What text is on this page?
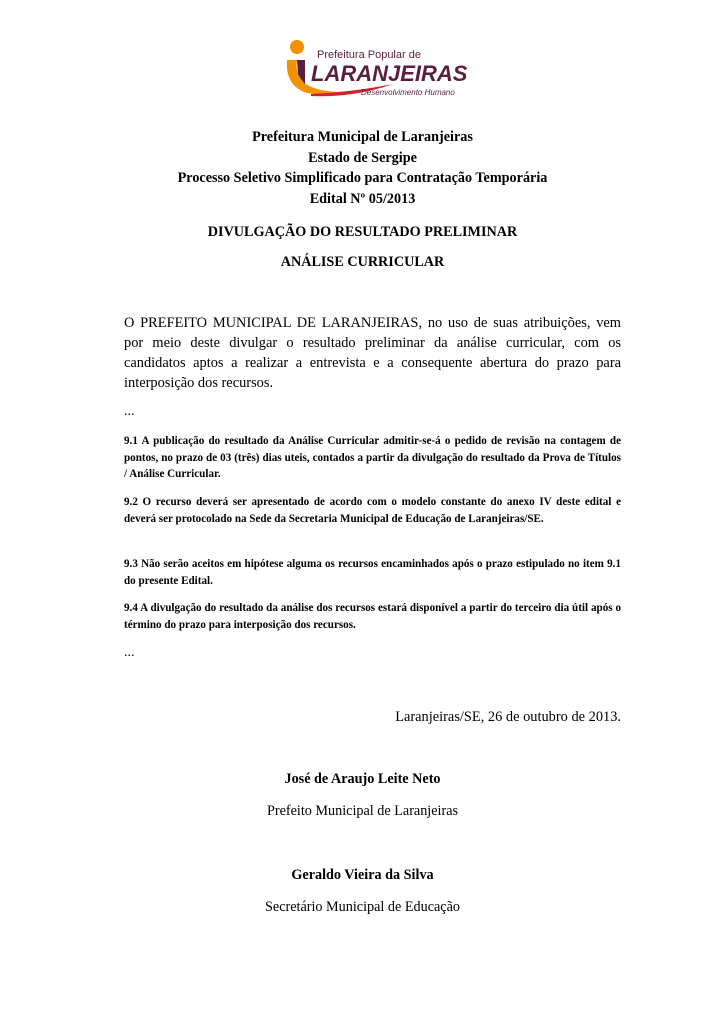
Prefeitura Popular de
LARANJEIRAS
Desenvolvimento Humano

Prefeitura Municipal de Laranjeiras

Estado de Sergipe

Processo Seletivo Simplificado para Contratação Temporária

Edital Nº 05/2013

DIVULGAÇÃO DO RESULTADO PRELIMINAR

ANÁLISE CURRICULAR

O PREFEITO MUNICIPAL DE LARANJEIRAS, no uso de suas atribuições, vem por meio deste divulgar o resultado preliminar da análise curricular, com os candidatos aptos a realizar a entrevista e a consequente abertura do prazo para interposição dos recursos.

...

9.1 A publicação do resultado da Análise Curricular admitir-se-á o pedido de revisão na contagem de pontos, no prazo de 03 (três) dias uteis, contados a partir da divulgação do resultado da Prova de Títulos / Análise Curricular.

9.2 O recurso deverá ser apresentado de acordo com o modelo constante do anexo IV deste edital e deverá ser protocolado na Sede da Secretaria Municipal de Educação de Laranjeiras/SE.

9.3 Não serão aceitos em hipótese alguma os recursos encaminhados após o prazo estipulado no item 9.1 do presente Edital.

9.4 A divulgação do resultado da análise dos recursos estará disponível a partir do terceiro dia útil após o término do prazo para interposição dos recursos.

...

Laranjeiras/SE, 26 de outubro de 2013.

José de Araujo Leite Neto

Prefeito Municipal de Laranjeiras

Geraldo Vieira da Silva

Secretário Municipal de Educação
